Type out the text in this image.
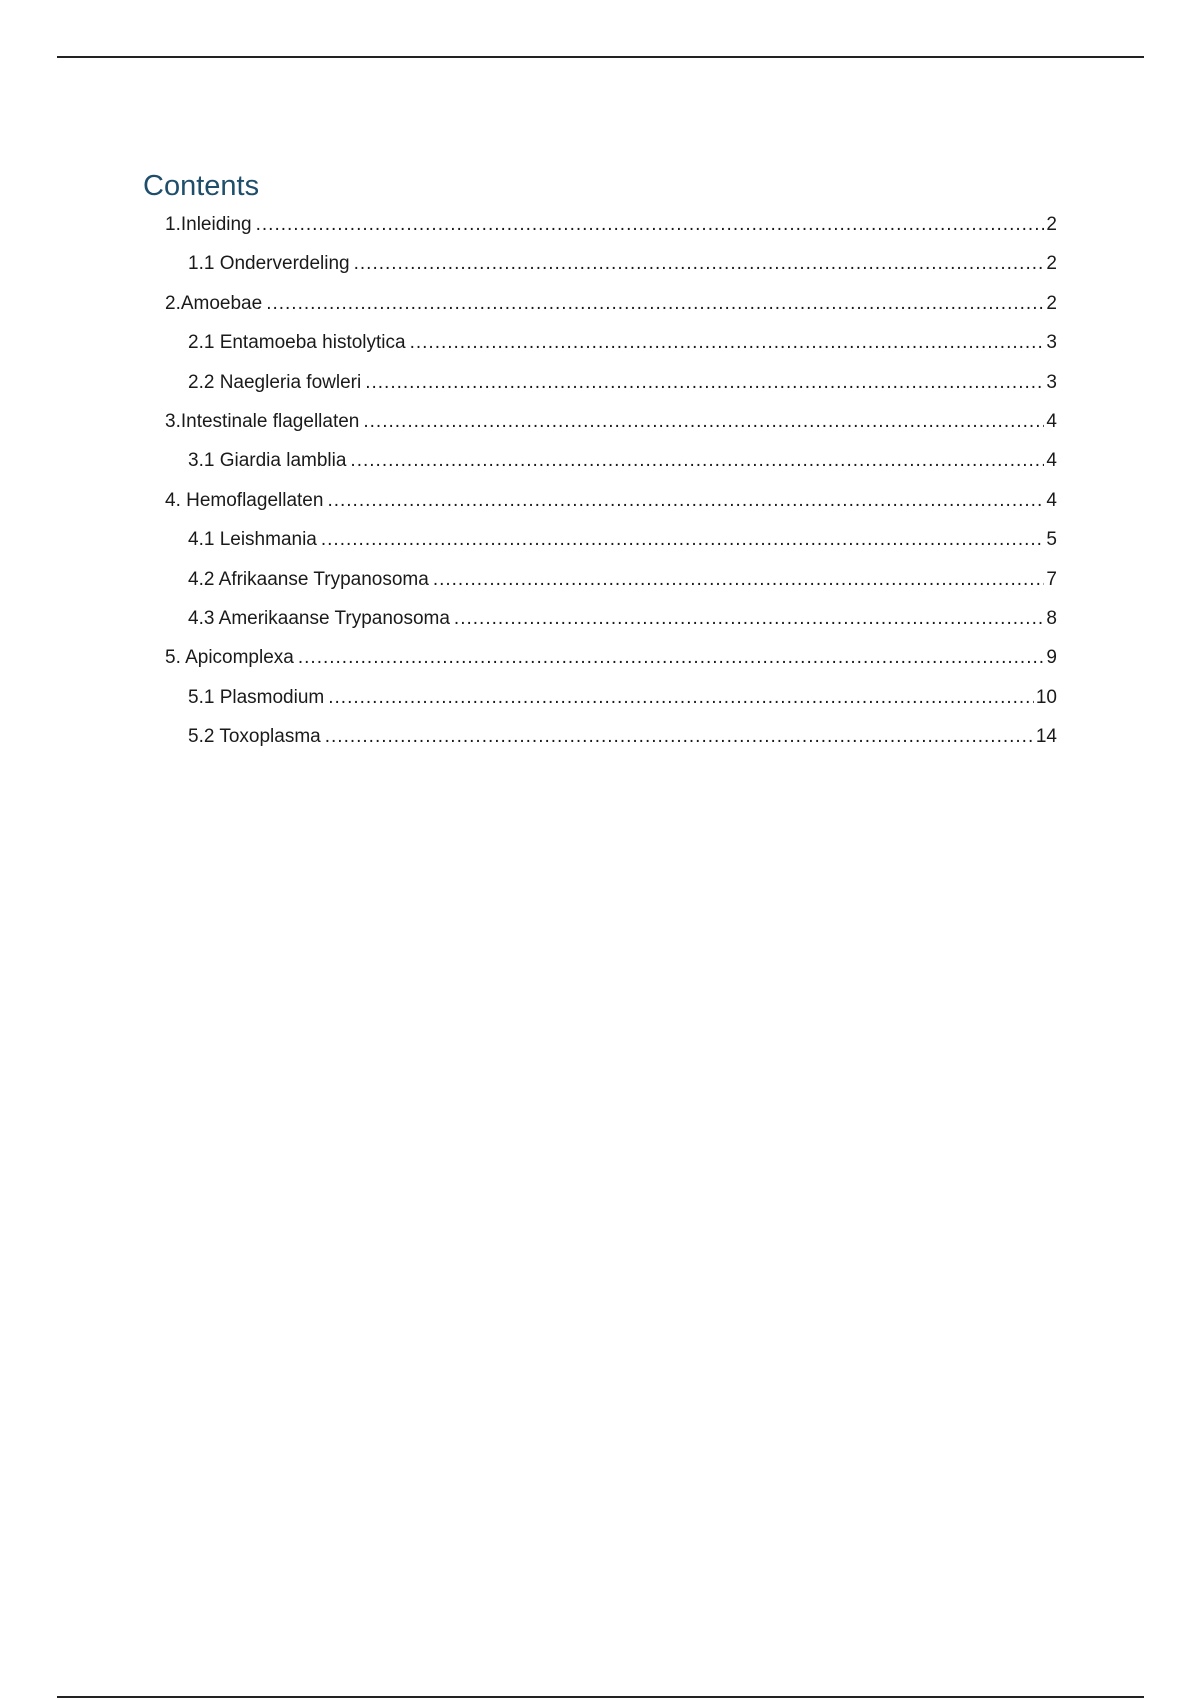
Contents
1.Inleiding .....	2
1.1 Onderverdeling .....	2
2.Amoebae .....	2
2.1 Entamoeba histolytica .....	3
2.2 Naegleria fowleri .....	3
3.Intestinale flagellaten .....	4
3.1 Giardia lamblia .....	4
4. Hemoflagellaten .....	4
4.1 Leishmania .....	5
4.2 Afrikaanse Trypanosoma .....	7
4.3 Amerikaanse Trypanosoma .....	8
5. Apicomplexa .....	9
5.1 Plasmodium .....	10
5.2 Toxoplasma .....	14
